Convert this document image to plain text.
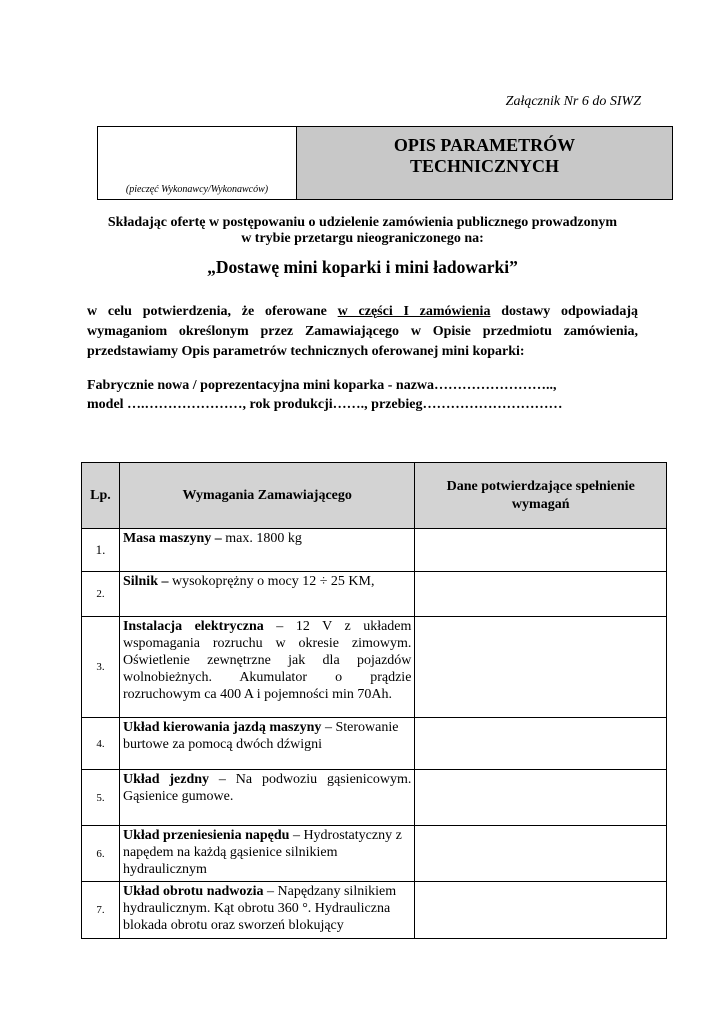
Załącznik Nr 6 do SIWZ
(pieczęć Wykonawcy/Wykonawców)
OPIS PARAMETRÓW
TECHNICZNYCH
Składając ofertę w postępowaniu o udzielenie zamówienia publicznego prowadzonym
w trybie przetargu nieograniczonego na:
„Dostawę mini koparki i mini ładowarki”
w celu potwierdzenia, że oferowane w części I zamówienia dostawy odpowiadają wymaganiom określonym przez Zamawiającego w Opisie przedmiotu zamówienia, przedstawiamy Opis parametrów technicznych oferowanej mini koparki:
Fabrycznie nowa / poprezentacyjna mini koparka - nazwa……………………..,
model ….…………………, rok produkcji……., przebieg…………………………
Lp.	Wymagania Zamawiającego	Dane potwierdzające spełnienie
wymagań

1.	Masa maszyny – max. 1800 kg	
2.	Silnik – wysokoprężny o mocy 12 ÷ 25 KM,	
3.	Instalacja elektryczna – 12 V z układem wspomagania rozruchu w okresie zimowym. Oświetlenie zewnętrzne jak dla pojazdów wolnobieżnych. Akumulator o prądzie rozruchowym ca 400 A i pojemności min 70Ah.	
4.	Układ kierowania jazdą maszyny – Sterowanie burtowe za pomocą dwóch dźwigni	
5.	Układ jezdny – Na podwoziu gąsienicowym. Gąsienice gumowe.	
6.	Układ przeniesienia napędu – Hydrostatyczny z napędem na każdą gąsienice silnikiem hydraulicznym	
7.	Układ obrotu nadwozia – Napędzany silnikiem hydraulicznym. Kąt obrotu 360 °. Hydrauliczna blokada obrotu oraz sworzeń blokujący	
